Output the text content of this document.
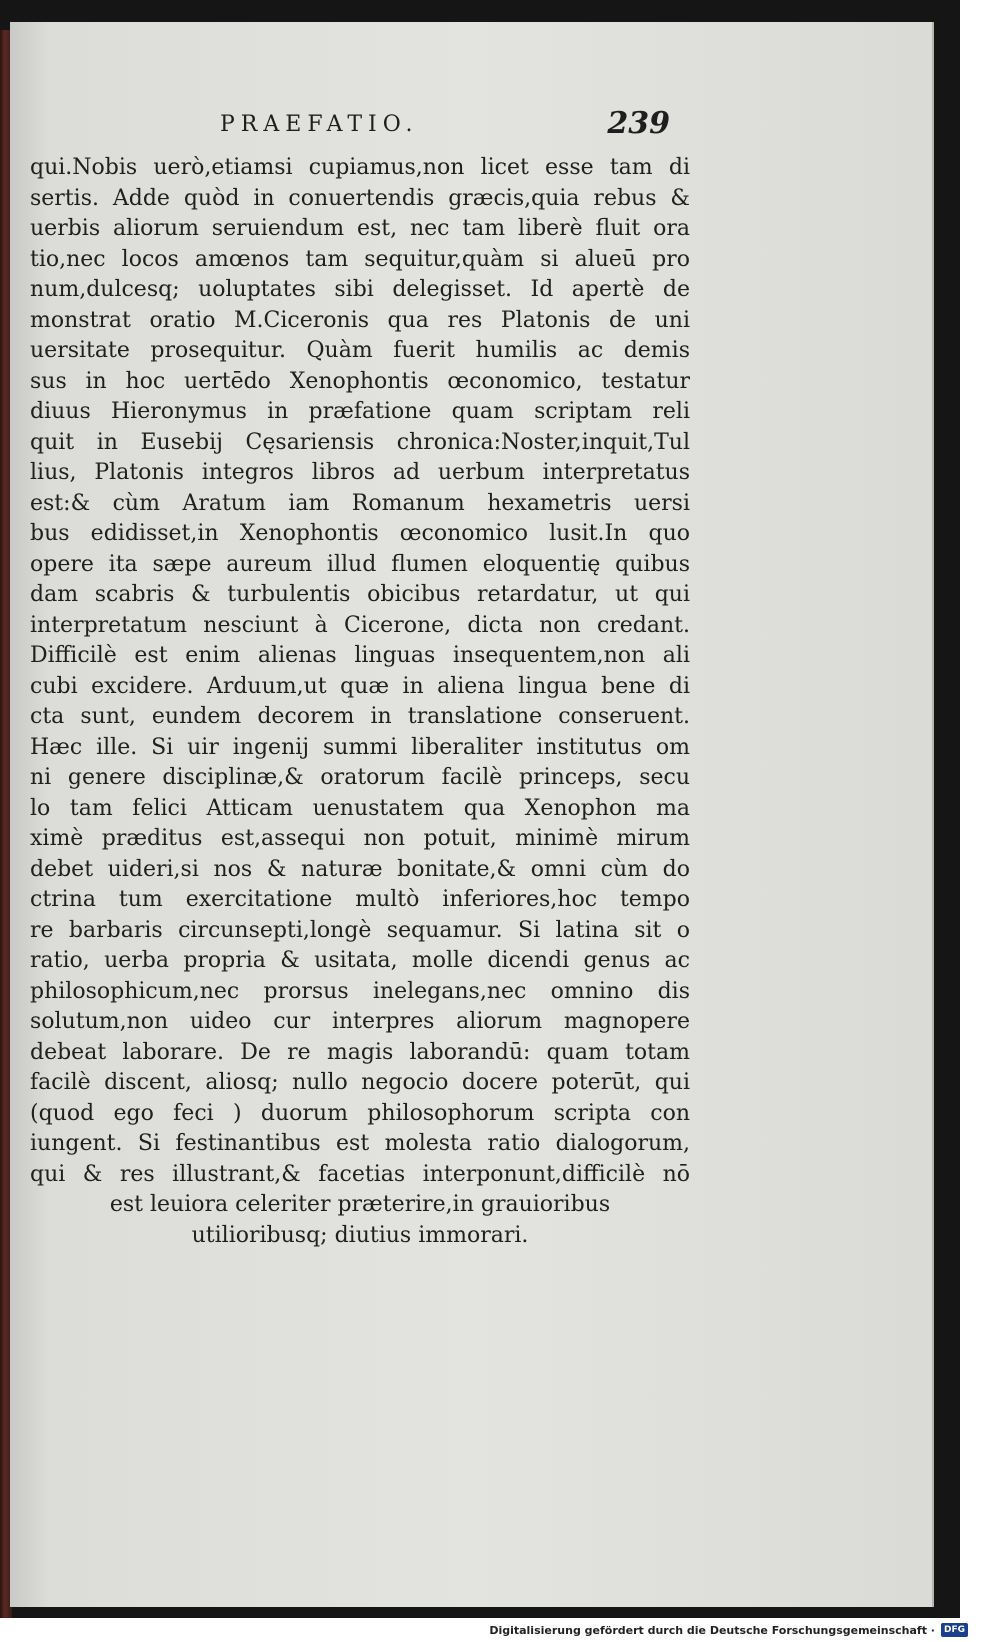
PRAEFATIO.	239
qui.Nobis uerò,etiamsi cupiamus,non licet esse tam di
sertis. Adde quòd in conuertendis græcis,quia rebus &
uerbis aliorum seruiendum est, nec tam liberè fluit ora
tio,nec locos amœnos tam sequitur,quàm si alueū pro
num,dulcesq; uoluptates sibi delegisset. Id apertè de
monstrat oratio M.Ciceronis qua res Platonis de uni
uersitate prosequitur. Quàm fuerit humilis ac demis
sus in hoc uertēdo Xenophontis œconomico, testatur
diuus Hieronymus in præfatione quam scriptam reli
quit in Eusebij Cęsariensis chronica:Noster,inquit,Tul
lius, Platonis integros libros ad uerbum interpretatus
est:& cùm Aratum iam Romanum hexametris uersi
bus edidisset,in Xenophontis œconomico lusit.In quo
opere ita sæpe aureum illud flumen eloquentię quibus
dam scabris & turbulentis obicibus retardatur, ut qui
interpretatum nesciunt à Cicerone, dicta non credant.
Difficilè est enim alienas linguas insequentem,non ali
cubi excidere. Arduum,ut quæ in aliena lingua bene di
cta sunt, eundem decorem in translatione conseruent.
Hæc ille. Si uir ingenij summi liberaliter institutus om
ni genere disciplinæ,& oratorum facilè princeps, secu
lo tam felici Atticam uenustatem qua Xenophon ma
ximè præditus est,assequi non potuit, minimè mirum
debet uideri,si nos & naturæ bonitate,& omni cùm do
ctrina tum exercitatione multò inferiores,hoc tempo
re barbaris circunsepti,longè sequamur. Si latina sit o
ratio, uerba propria & usitata, molle dicendi genus ac
philosophicum,nec prorsus inelegans,nec omnino dis
solutum,non uideo cur interpres aliorum magnopere
debeat laborare. De re magis laborandū: quam totam
facilè discent, aliosq; nullo negocio docere poterūt, qui
(quod ego feci ) duorum philosophorum scripta con
iungent. Si festinantibus est molesta ratio dialogorum,
qui & res illustrant,& facetias interponunt,difficilè nō
est leuiora celeriter præterire,in grauioribus
utilioribusq; diutius immorari.
Digitalisierung gefördert durch die Deutsche Forschungsgemeinschaft ·	DFG
